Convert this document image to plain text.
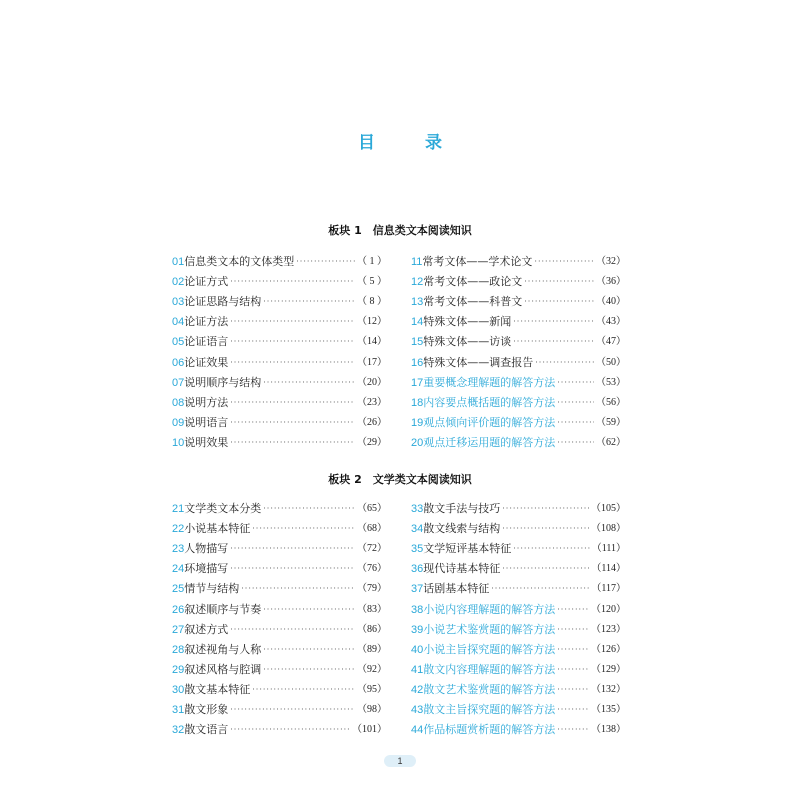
目 录
板块 1　信息类文本阅读知识
01 信息类文本的文体类型 ·····	（ 1 ）
02 论证方式 ·····	（ 5 ）
03 论证思路与结构 ·····	（ 8 ）
04 论证方法 ·····	（12）
05 论证语言 ·····	（14）
06 论证效果 ·····	（17）
07 说明顺序与结构 ·····	（20）
08 说明方法 ·····	（23）
09 说明语言 ·····	（26）
10 说明效果 ·····	（29）
11 常考文体——学术论文 ·····	（32）
12 常考文体——政论文 ·····	（36）
13 常考文体——科普文 ·····	（40）
14 特殊文体——新闻 ·····	（43）
15 特殊文体——访谈 ·····	（47）
16 特殊文体——调查报告 ·····	（50）
17 重要概念理解题的解答方法 ·····	（53）
18 内容要点概括题的解答方法 ·····	（56）
19 观点倾向评价题的解答方法 ·····	（59）
20 观点迁移运用题的解答方法 ·····	（62）
板块 2　文学类文本阅读知识
21 文学类文本分类 ·····	（65）
22 小说基本特征 ·····	（68）
23 人物描写 ·····	（72）
24 环境描写 ·····	（76）
25 情节与结构 ·····	（79）
26 叙述顺序与节奏 ·····	（83）
27 叙述方式 ·····	（86）
28 叙述视角与人称 ·····	（89）
29 叙述风格与腔调 ·····	（92）
30 散文基本特征 ·····	（95）
31 散文形象 ·····	（98）
32 散文语言 ·····	（101）
33 散文手法与技巧 ·····	（105）
34 散文线索与结构 ·····	（108）
35 文学短评基本特征 ·····	（111）
36 现代诗基本特征 ·····	（114）
37 话剧基本特征 ·····	（117）
38 小说内容理解题的解答方法 ·····	（120）
39 小说艺术鉴赏题的解答方法 ·····	（123）
40 小说主旨探究题的解答方法 ·····	（126）
41 散文内容理解题的解答方法 ·····	（129）
42 散文艺术鉴赏题的解答方法 ·····	（132）
43 散文主旨探究题的解答方法 ·····	（135）
44 作品标题赏析题的解答方法 ·····	（138）
1
